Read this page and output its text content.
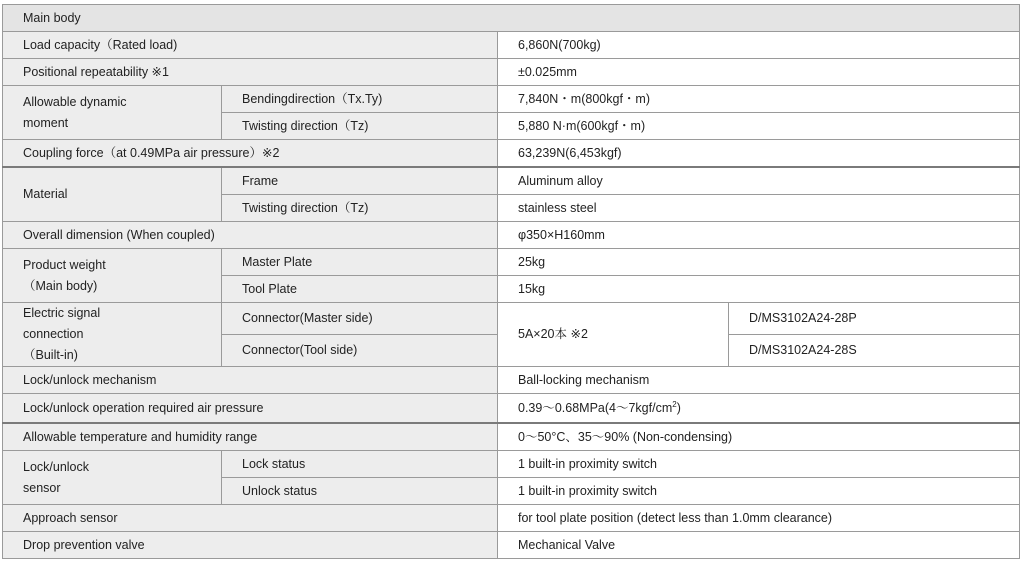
Main body			
Load capacity（Rated load)		6,860N(700kg)	
Positional repeatability ※1		±0.025mm	
Allowable dynamic
moment	Bendingdirection（Tx.Ty)	7,840N・m(800kgf・m)	
	Twisting direction（Tz)	5,880 N·m(600kgf・m)	
Coupling force（at 0.49MPa air pressure）※2		63,239N(6,453kgf)	
Material	Frame	Aluminum alloy	
	Twisting direction（Tz)	stainless steel	
Overall dimension (When coupled)		φ350×H160mm	
Product weight
（Main body)	Master Plate	25kg	
	Tool Plate	15kg	
Electric signal
connection
（Built-in)	Connector(Master side)	5A×20本 ※2	D/MS3102A24-28P
	Connector(Tool side)		D/MS3102A24-28S
Lock/unlock mechanism		Ball-locking mechanism	
Lock/unlock operation required air pressure		$0.39\sim 0.68MPa(4\sim 7kgf/cm^2)$	
Allowable temperature and humidity range		0～50°C、35～90% (Non-condensing)	
Lock/unlock
sensor	Lock status	1 built-in proximity switch	
	Unlock status	1 built-in proximity switch	
Approach sensor		for tool plate position (detect less than 1.0mm clearance)	
Drop prevention valve		Mechanical Valve	
